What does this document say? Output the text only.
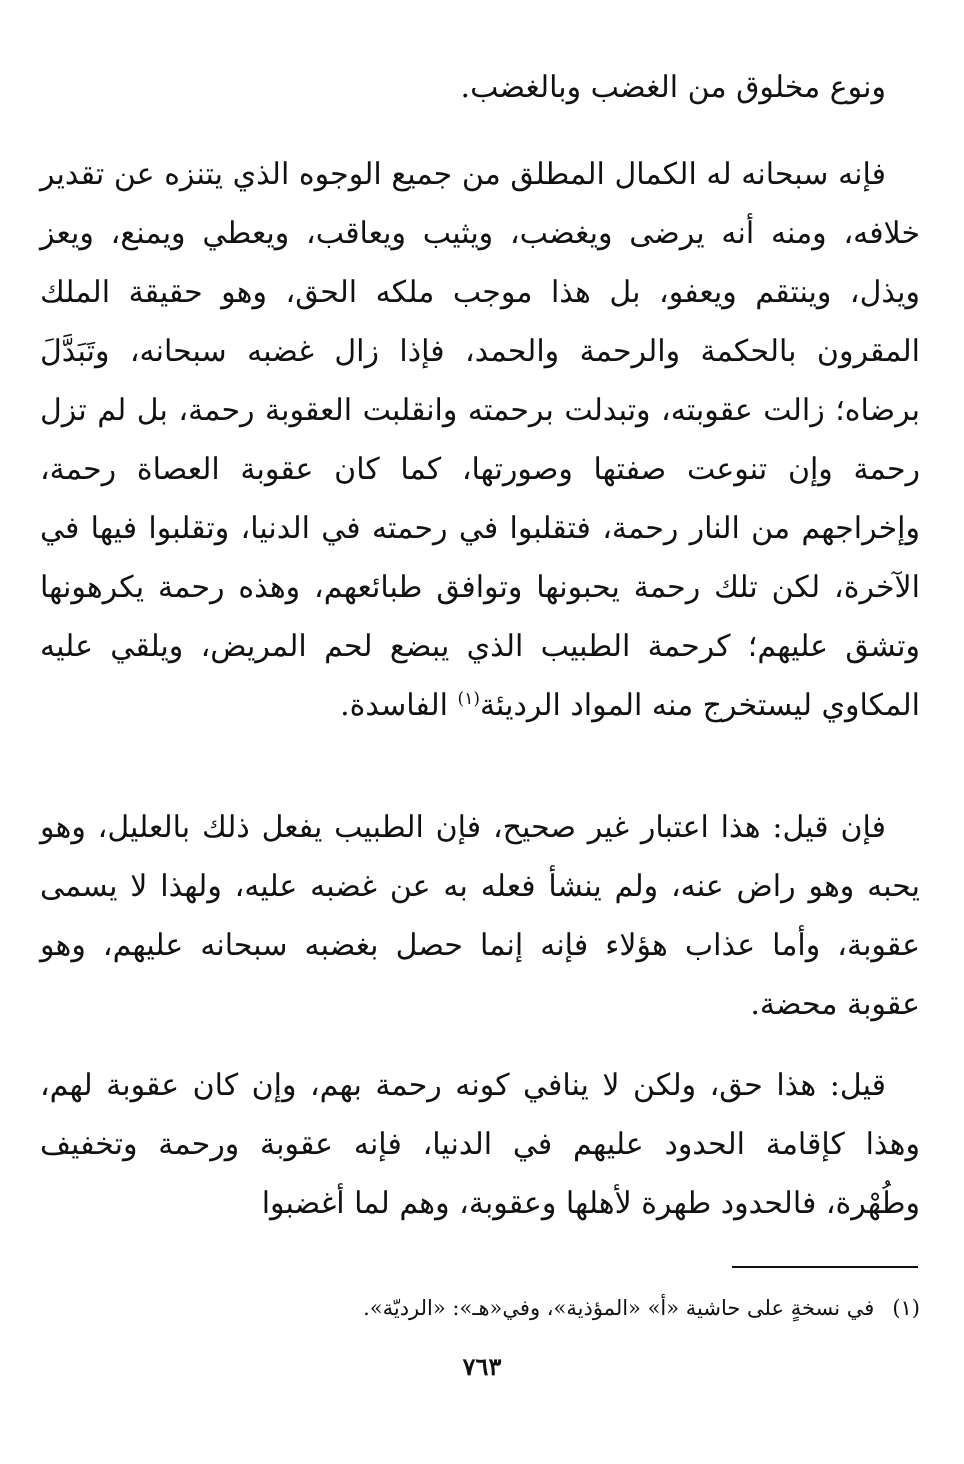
ونوع مخلوق من الغضب وبالغضب.

فإنه سبحانه له الكمال المطلق من جميع الوجوه الذي يتنزه عن تقدير خلافه، ومنه أنه يرضى ويغضب، ويثيب ويعاقب، ويعطي ويمنع، ويعز ويذل، وينتقم ويعفو، بل هذا موجب ملكه الحق، وهو حقيقة الملك المقرون بالحكمة والرحمة والحمد، فإذا زال غضبه سبحانه، وتَبَدَّلَ برضاه؛ زالت عقوبته، وتبدلت برحمته وانقلبت العقوبة رحمة، بل لم تزل رحمة وإن تنوعت صفتها وصورتها، كما كان عقوبة العصاة رحمة، وإخراجهم من النار رحمة، فتقلبوا في رحمته في الدنيا، وتقلبوا فيها في الآخرة، لكن تلك رحمة يحبونها وتوافق طبائعهم، وهذه رحمة يكرهونها وتشق عليهم؛ كرحمة الطبيب الذي يبضع لحم المريض، ويلقي عليه المكاوي ليستخرج منه المواد الرديئة$^{(١)}$ الفاسدة.

فإن قيل: هذا اعتبار غير صحيح، فإن الطبيب يفعل ذلك بالعليل، وهو يحبه وهو راض عنه، ولم ينشأ فعله به عن غضبه عليه، ولهذا لا يسمى عقوبة، وأما عذاب هؤلاء فإنه إنما حصل بغضبه سبحانه عليهم، وهو عقوبة محضة.

قيل: هذا حق، ولكن لا ينافي كونه رحمة بهم، وإن كان عقوبة لهم، وهذا كإقامة الحدود عليهم في الدنيا، فإنه عقوبة ورحمة وتخفيف وطُهْرة، فالحدود طهرة لأهلها وعقوبة، وهم لما أغضبوا

(١)في نسخةٍ على حاشية «أ» «المؤذية»، وفي«هـ»: «الرديّة».

٧٦٣
